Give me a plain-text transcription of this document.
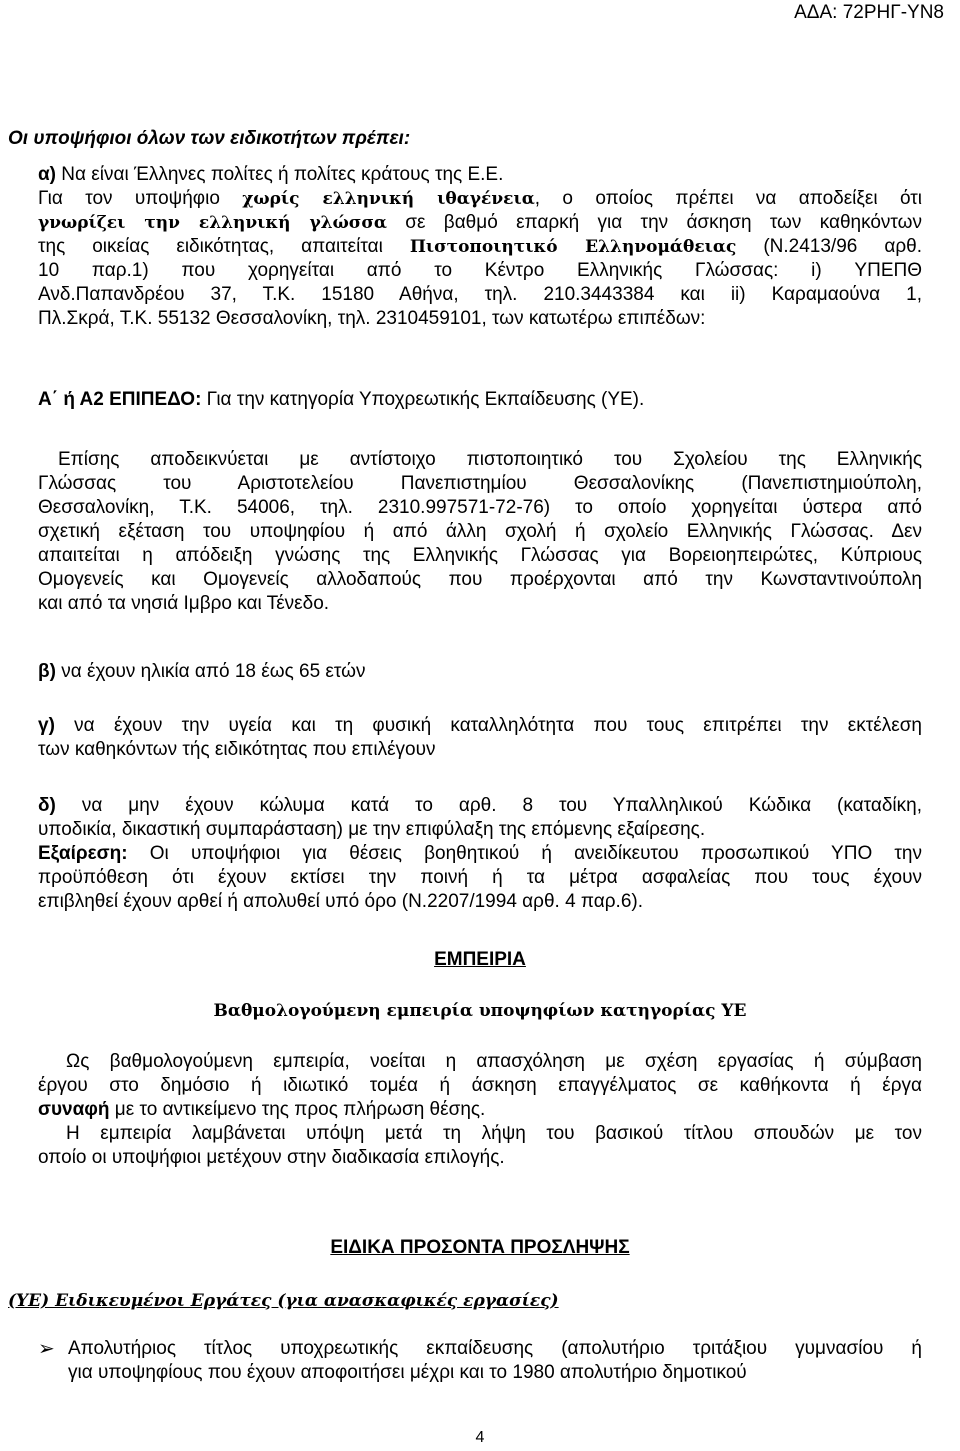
ΑΔΑ: 72ΡΗΓ-ΥΝ8

Οι υποψήφιοι όλων των ειδικοτήτων πρέπει:

α) Να είναι Έλληνες πολίτες ή πολίτες κράτους της Ε.Ε.

Για τον υποψήφιο χωρίς ελληνική ιθαγένεια, ο οποίος πρέπει να αποδείξει ότι
γνωρίζει την ελληνική γλώσσα σε βαθμό επαρκή για την άσκηση των καθηκόντων
της οικείας ειδικότητας, απαιτείται Πιστοποιητικό Ελληνομάθειας (Ν.2413/96 αρθ.
10 παρ.1) που χορηγείται από το Κέντρο Ελληνικής Γλώσσας: i) ΥΠΕΠΘ
Ανδ.Παπανδρέου 37, Τ.Κ. 15180 Αθήνα, τηλ. 210.3443384 και ii) Καραμαούνα 1,
Πλ.Σκρά, Τ.Κ. 55132 Θεσσαλονίκη, τηλ. 2310459101, των κατωτέρω επιπέδων:

Α΄ ή Α2 ΕΠΙΠΕΔΟ: Για την κατηγορία Υποχρεωτικής Εκπαίδευσης (ΥΕ).

Επίσης αποδεικνύεται με αντίστοιχο πιστοποιητικό του Σχολείου της Ελληνικής
Γλώσσας του Αριστοτελείου Πανεπιστημίου Θεσσαλονίκης (Πανεπιστημιούπολη,
Θεσσαλονίκη, Τ.Κ. 54006, τηλ. 2310.997571-72-76) το οποίο χορηγείται ύστερα από
σχετική εξέταση του υποψηφίου ή από άλλη σχολή ή σχολείο Ελληνικής Γλώσσας. Δεν
απαιτείται η απόδειξη γνώσης της Ελληνικής Γλώσσας για Βορειοηπειρώτες, Κύπριους
Ομογενείς και Ομογενείς αλλοδαπούς που προέρχονται από την Κωνσταντινούπολη
και από τα νησιά Ιμβρο και Τένεδο.

β) να έχουν ηλικία από 18 έως 65 ετών

γ) να έχουν την υγεία και τη φυσική καταλληλότητα που τους επιτρέπει την εκτέλεση
των καθηκόντων τής ειδικότητας που επιλέγουν
δ) να μην έχουν κώλυμα κατά το αρθ. 8 του Υπαλληλικού Κώδικα (καταδίκη,
υποδικία, δικαστική συμπαράσταση) με την επιφύλαξη της επόμενης εξαίρεσης.
Εξαίρεση: Οι υποψήφιοι για θέσεις βοηθητικού ή ανειδίκευτου προσωπικού ΥΠΟ την
προϋπόθεση ότι έχουν εκτίσει την ποινή ή τα μέτρα ασφαλείας που τους έχουν
επιβληθεί έχουν αρθεί ή απολυθεί υπό όρο (Ν.2207/1994 αρθ. 4 παρ.6).

ΕΜΠΕΙΡΙΑ

Βαθμολογούμενη εμπειρία υποψηφίων κατηγορίας ΥΕ

Ως βαθμολογούμενη εμπειρία, νοείται η απασχόληση με σχέση εργασίας ή σύμβαση
έργου στο δημόσιο ή ιδιωτικό τομέα ή άσκηση επαγγέλματος σε καθήκοντα ή έργα
συναφή με το αντικείμενο της προς πλήρωση θέσης.
Η εμπειρία λαμβάνεται υπόψη μετά τη λήψη του βασικού τίτλου σπουδών με τον
οποίο οι υποψήφιοι μετέχουν στην διαδικασία επιλογής.

ΕΙΔΙΚΑ ΠΡΟΣΟΝΤΑ ΠΡΟΣΛΗΨΗΣ

(ΥΕ) Ειδικευμένοι Εργάτες (για ανασκαφικές εργασίες)

➢ Απολυτήριος τίτλος υποχρεωτικής εκπαίδευσης (απολυτήριο τριτάξιου γυμνασίου ή
για υποψηφίους που έχουν αποφοιτήσει μέχρι και το 1980 απολυτήριο δημοτικού
4
